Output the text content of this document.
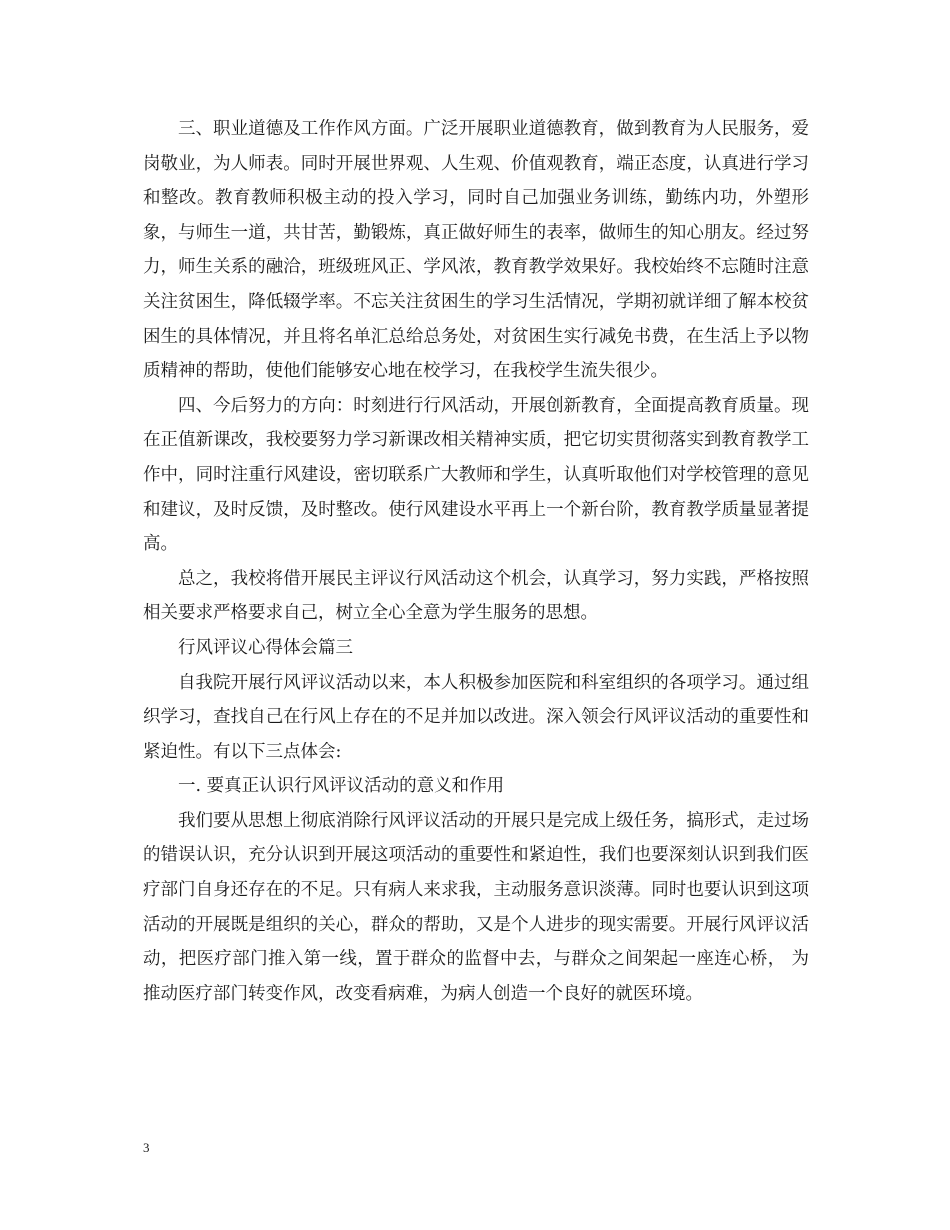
三、职业道德及工作作风方面。广泛开展职业道德教育，做到教育为人民服务，爱岗敬业，为人师表。同时开展世界观、人生观、价值观教育，端正态度，认真进行学习和整改。教育教师积极主动的投入学习，同时自己加强业务训练，勤练内功，外塑形象，与师生一道，共甘苦，勤锻炼，真正做好师生的表率，做师生的知心朋友。经过努力，师生关系的融洽，班级班风正、学风浓，教育教学效果好。我校始终不忘随时注意关注贫困生，降低辍学率。不忘关注贫困生的学习生活情况，学期初就详细了解本校贫困生的具体情况，并且将名单汇总给总务处，对贫困生实行减免书费，在生活上予以物质精神的帮助，使他们能够安心地在校学习，在我校学生流失很少。

四、今后努力的方向：时刻进行行风活动，开展创新教育，全面提高教育质量。现在正值新课改，我校要努力学习新课改相关精神实质，把它切实贯彻落实到教育教学工作中，同时注重行风建设，密切联系广大教师和学生，认真听取他们对学校管理的意见和建议，及时反馈，及时整改。使行风建设水平再上一个新台阶，教育教学质量显著提高。

总之，我校将借开展民主评议行风活动这个机会，认真学习，努力实践，严格按照相关要求严格要求自己，树立全心全意为学生服务的思想。

行风评议心得体会篇三

自我院开展行风评议活动以来，本人积极参加医院和科室组织的各项学习。通过组织学习，查找自己在行风上存在的不足并加以改进。深入领会行风评议活动的重要性和紧迫性。有以下三点体会:

一. 要真正认识行风评议活动的意义和作用

我们要从思想上彻底消除行风评议活动的开展只是完成上级任务，搞形式，走过场的错误认识，充分认识到开展这项活动的重要性和紧迫性，我们也要深刻认识到我们医疗部门自身还存在的不足。只有病人来求我，主动服务意识淡薄。同时也要认识到这项活动的开展既是组织的关心，群众的帮助，又是个人进步的现实需要。开展行风评议活动，把医疗部门推入第一线，置于群众的监督中去，与群众之间架起一座连心桥， 为推动医疗部门转变作风，改变看病难，为病人创造一个良好的就医环境。

3
